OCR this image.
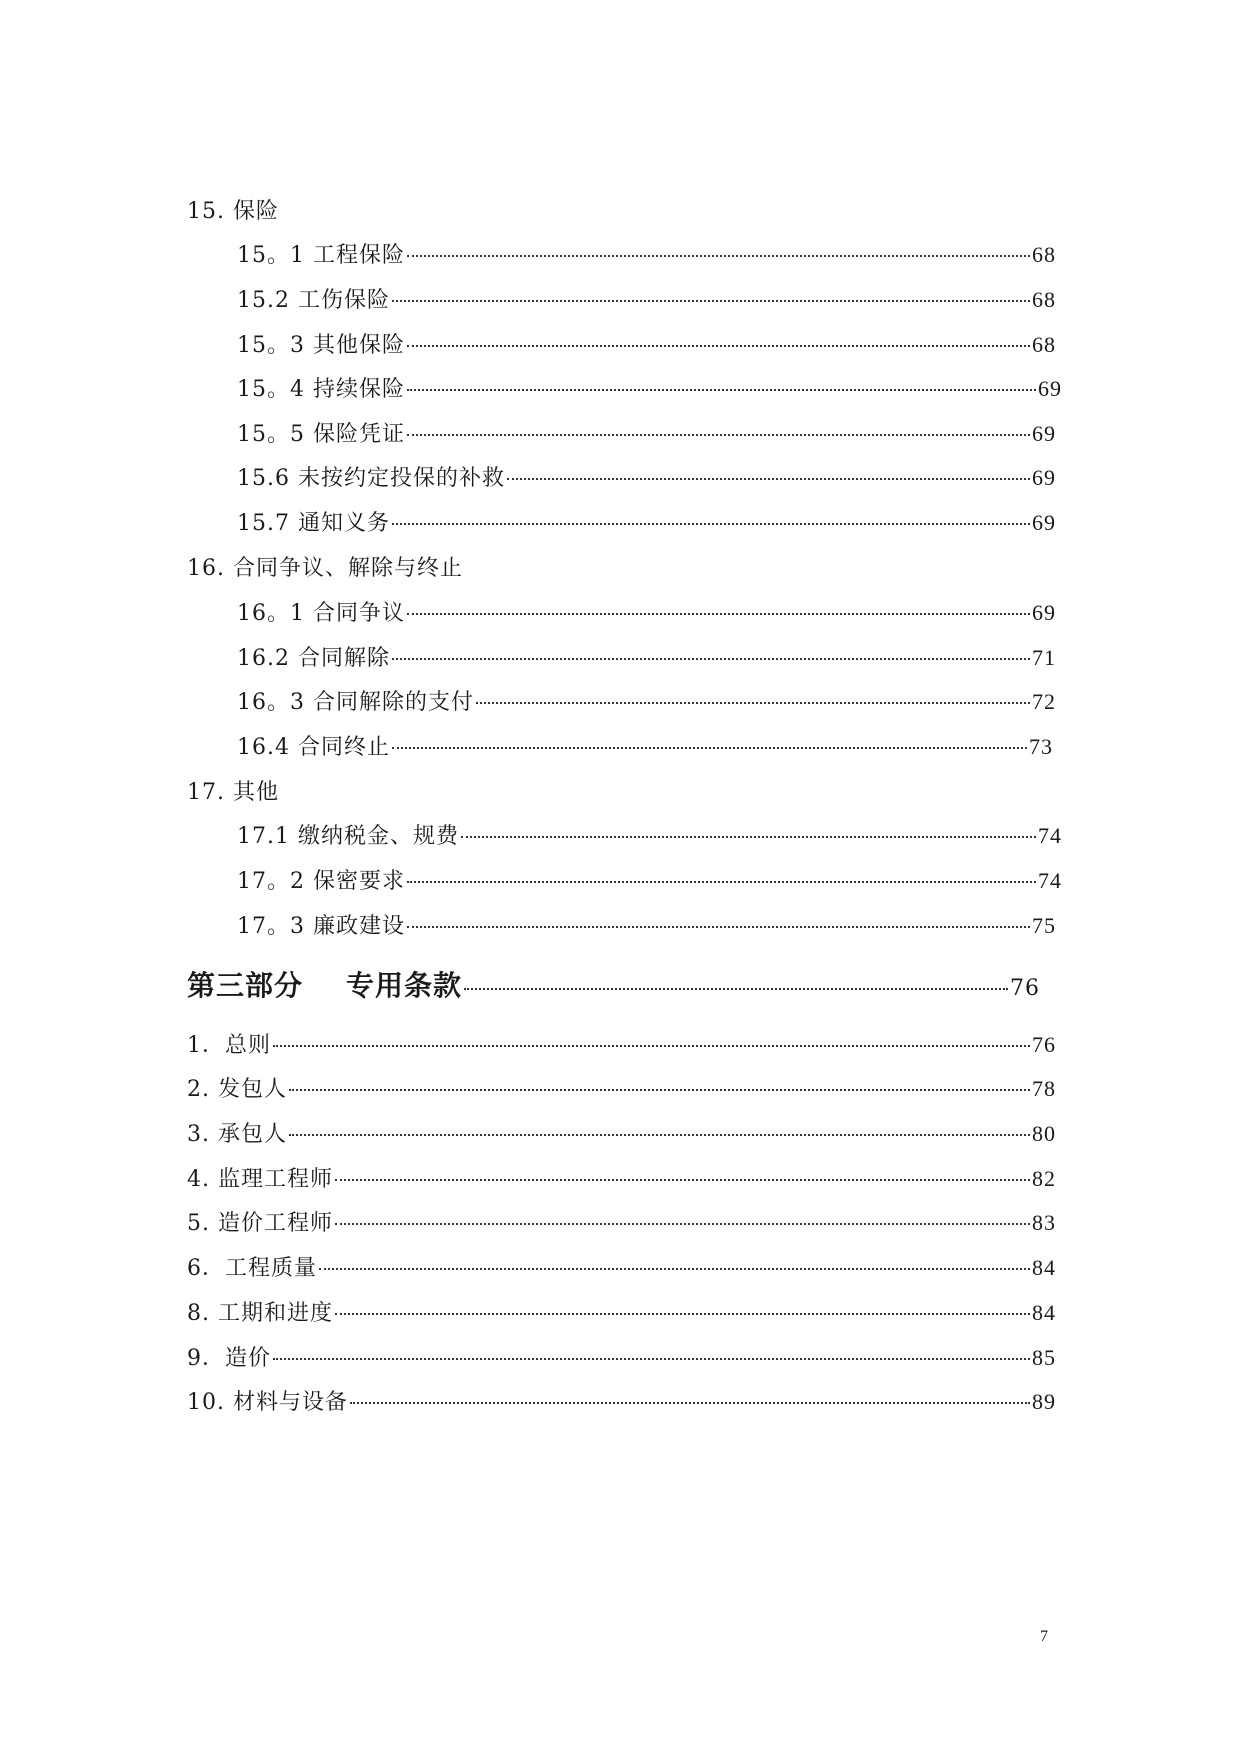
15. 保险
15。1 工程保险	68
15.2 工伤保险	68
15。3 其他保险	68
15。4 持续保险	69
15。5 保险凭证	69
15.6 未按约定投保的补救	69
15.7 通知义务	69
16. 合同争议、解除与终止
16。1 合同争议	69
16.2 合同解除	71
16。3 合同解除的支付	72
16.4 合同终止	73
17. 其他
17.1 缴纳税金、规费	74
17。2 保密要求	74
17。3 廉政建设	75
第三部分    专用条款	76
1．总则	76
2. 发包人	78
3. 承包人	80
4. 监理工程师	82
5. 造价工程师	83
6．工程质量	84
8. 工期和进度	84
9．造价	85
10. 材料与设备	89
7
